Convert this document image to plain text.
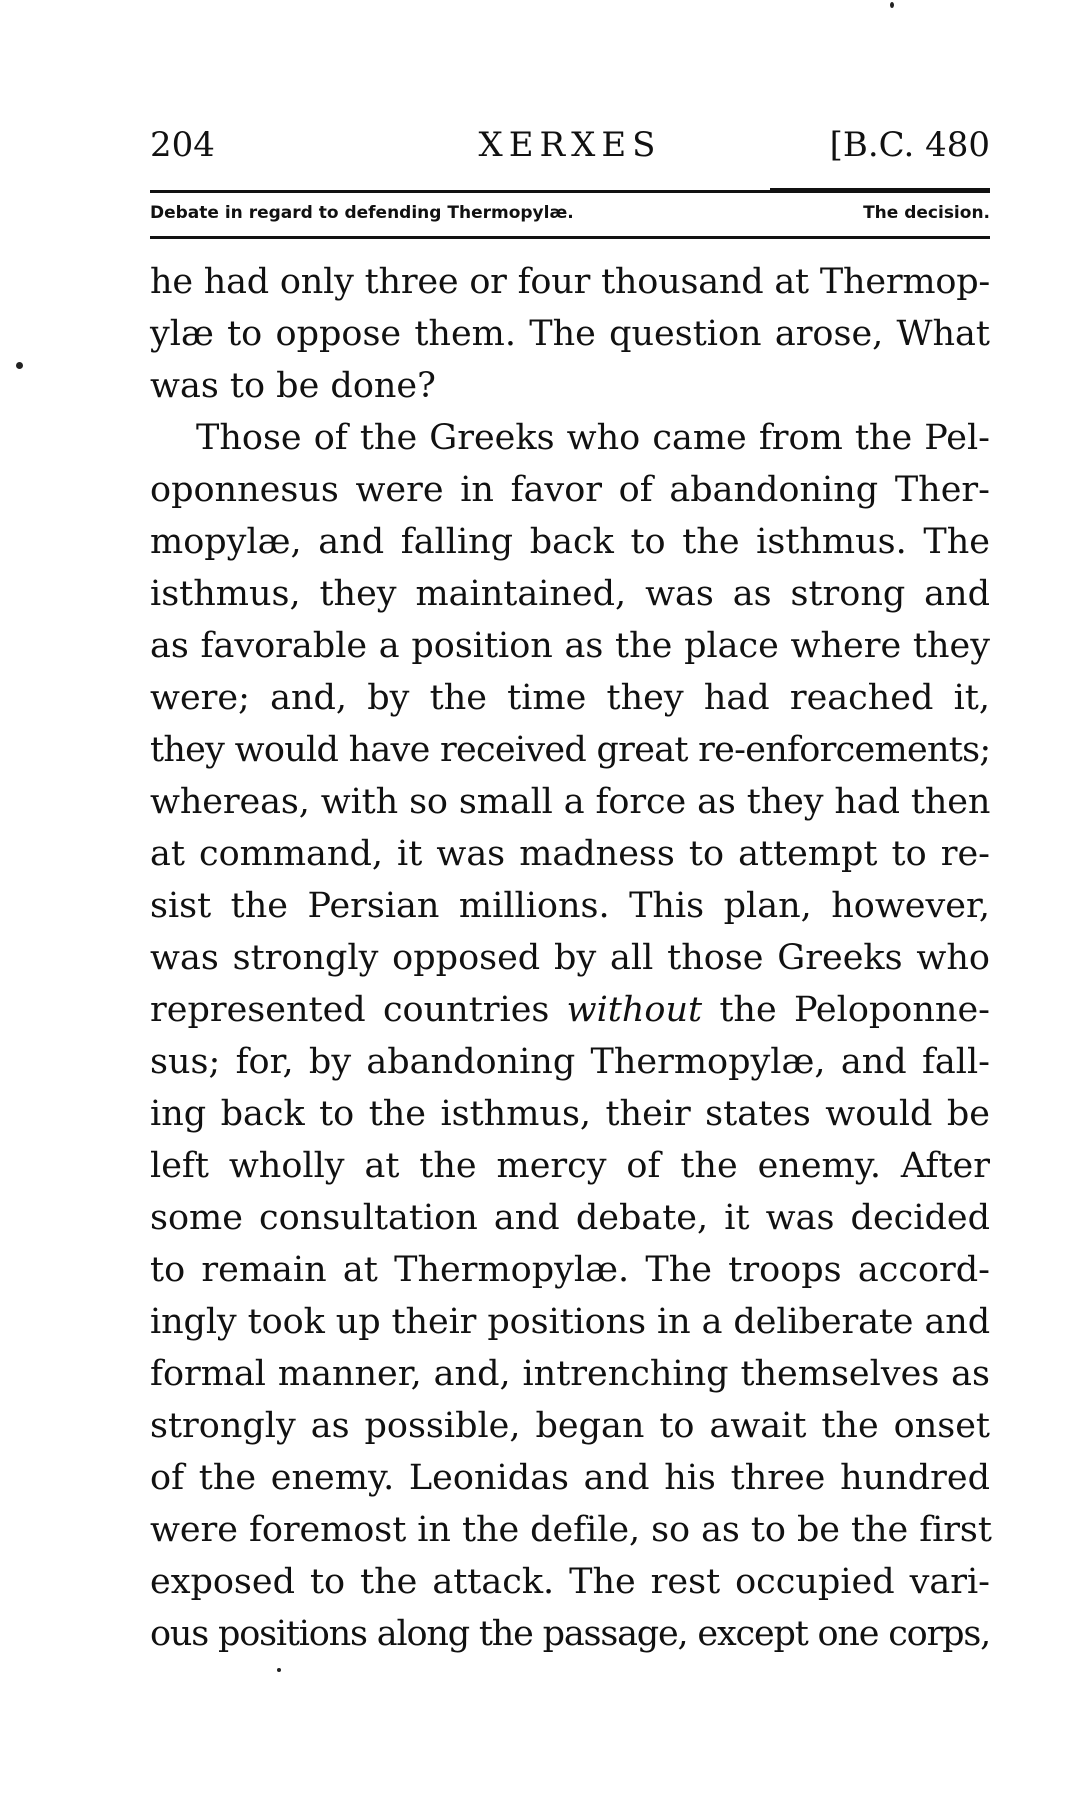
204	XERXES	[B.C. 480
Debate in regard to defending Thermopylæ.	The decision.
he had only three or four thousand at Thermop-
ylæ to oppose them. The question arose, What
was to be done?
Those of the Greeks who came from the Pel-
oponnesus were in favor of abandoning Ther-
mopylæ, and falling back to the isthmus. The
isthmus, they maintained, was as strong and
as favorable a position as the place where they
were; and, by the time they had reached it,
they would have received great re-enforcements;
whereas, with so small a force as they had then
at command, it was madness to attempt to re-
sist the Persian millions. This plan, however,
was strongly opposed by all those Greeks who
represented countries without the Peloponne-
sus; for, by abandoning Thermopylæ, and fall-
ing back to the isthmus, their states would be
left wholly at the mercy of the enemy. After
some consultation and debate, it was decided
to remain at Thermopylæ. The troops accord-
ingly took up their positions in a deliberate and
formal manner, and, intrenching themselves as
strongly as possible, began to await the onset
of the enemy. Leonidas and his three hundred
were foremost in the defile, so as to be the first
exposed to the attack. The rest occupied vari-
ous positions along the passage, except one corps,
